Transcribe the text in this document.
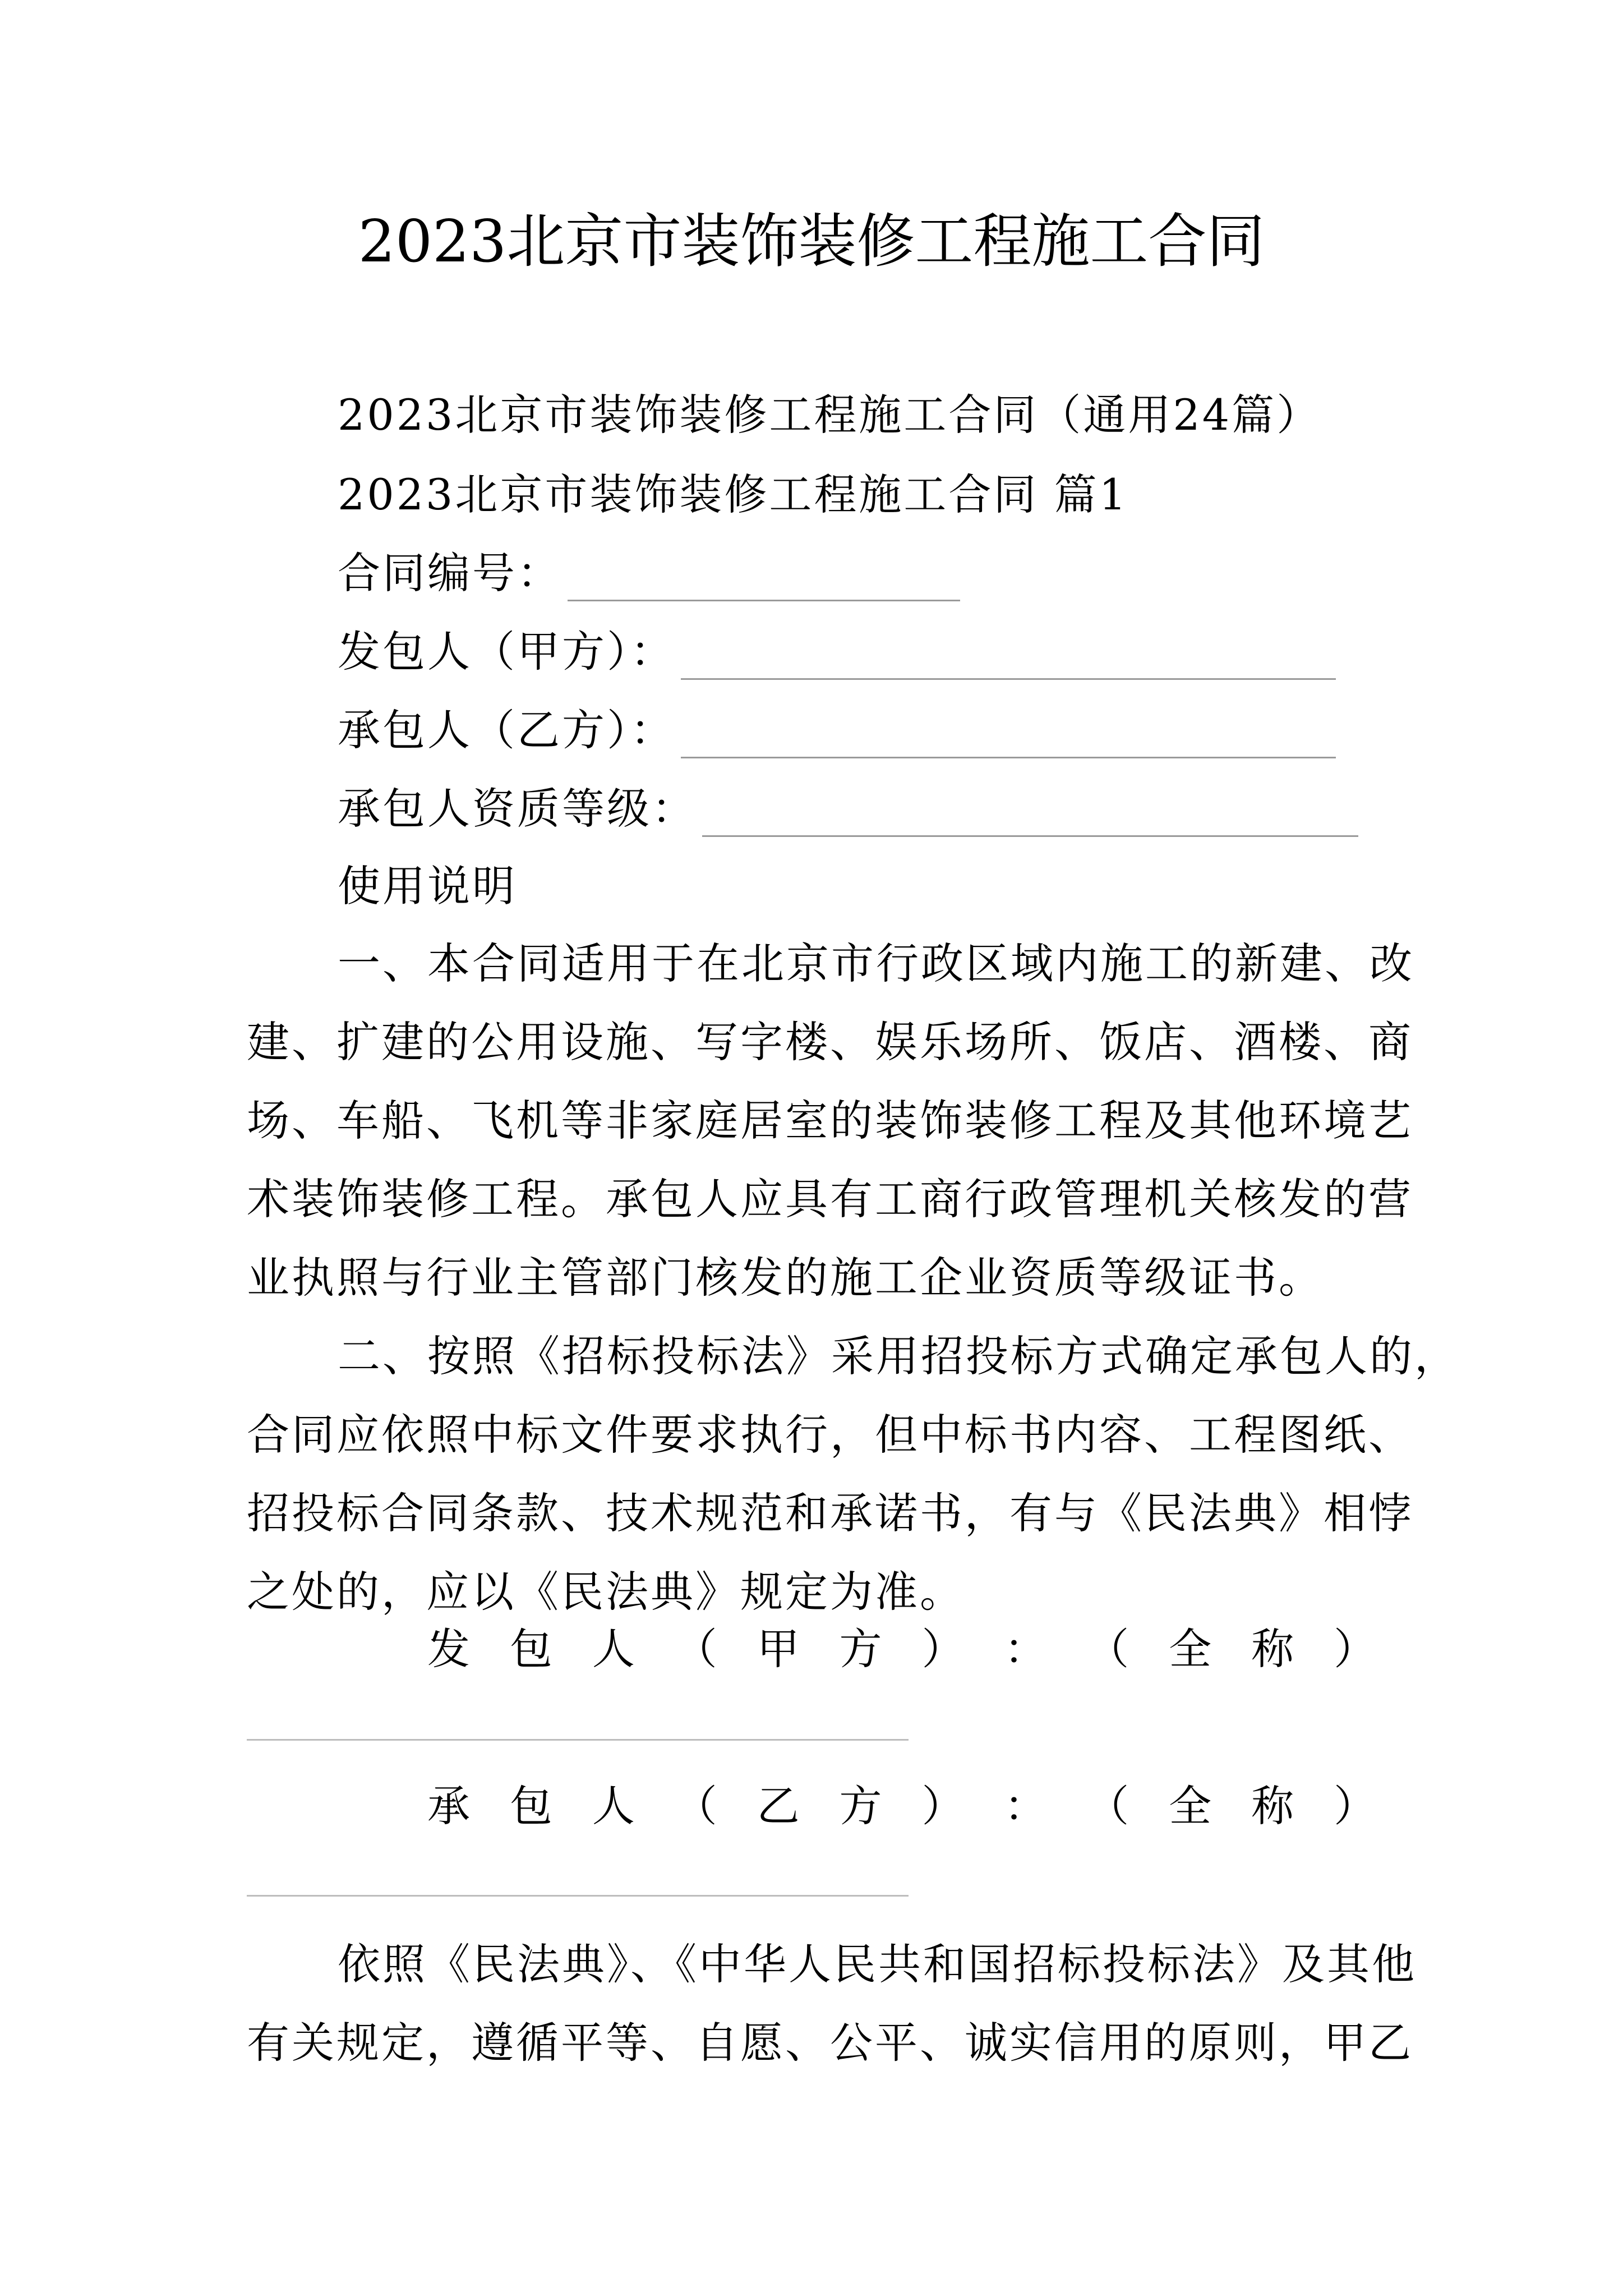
2023北京市装饰装修工程施工合同
2023北京市装饰装修工程施工合同（通用24篇）
2023北京市装饰装修工程施工合同 篇1
合同编号：
发包人（甲方）：
承包人（乙方）：
承包人资质等级：
使用说明
一、本合同适用于在北京市行政区域内施工的新建、改
建、扩建的公用设施、写字楼、娱乐场所、饭店、酒楼、商
场、车船、飞机等非家庭居室的装饰装修工程及其他环境艺
术装饰装修工程。承包人应具有工商行政管理机关核发的营
业执照与行业主管部门核发的施工企业资质等级证书。
二、按照《招标投标法》采用招投标方式确定承包人的，
合同应依照中标文件要求执行，但中标书内容、工程图纸、
招投标合同条款、技术规范和承诺书，有与《民法典》相悖
之处的，应以《民法典》规定为准。
发 包 人 （ 甲 方 ） ： （ 全 称 ）
承 包 人 （ 乙 方 ） ： （ 全 称 ）
依照《民法典》、《中华人民共和国招标投标法》及其他
有关规定，遵循平等、自愿、公平、诚实信用的原则，甲乙
